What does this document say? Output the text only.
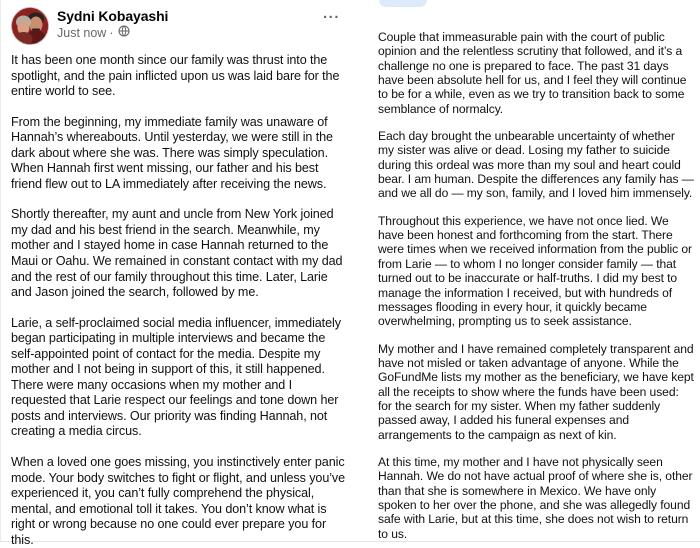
Sydni Kobayashi
Just now ·
...

It has been one month since our family was thrust into the spotlight, and the pain inflicted upon us was laid bare for the entire world to see.

From the beginning, my immediate family was unaware of Hannah’s whereabouts. Until yesterday, we were still in the dark about where she was. There was simply speculation. When Hannah first went missing, our father and his best friend flew out to LA immediately after receiving the news.

Shortly thereafter, my aunt and uncle from New York joined my dad and his best friend in the search. Meanwhile, my mother and I stayed home in case Hannah returned to the Maui or Oahu. We remained in constant contact with my dad and the rest of our family throughout this time. Later, Larie and Jason joined the search, followed by me.

Larie, a self-proclaimed social media influencer, immediately began participating in multiple interviews and became the self-appointed point of contact for the media. Despite my mother and I not being in support of this, it still happened. There were many occasions when my mother and I requested that Larie respect our feelings and tone down her posts and interviews. Our priority was finding Hannah, not creating a media circus.

When a loved one goes missing, you instinctively enter panic mode. Your body switches to fight or flight, and unless you’ve experienced it, you can’t fully comprehend the physical, mental, and emotional toll it takes. You don’t know what is right or wrong because no one could ever prepare you for this.

Couple that immeasurable pain with the court of public opinion and the relentless scrutiny that followed, and it’s a challenge no one is prepared to face. The past 31 days have been absolute hell for us, and I feel they will continue to be for a while, even as we try to transition back to some semblance of normalcy.

Each day brought the unbearable uncertainty of whether my sister was alive or dead. Losing my father to suicide during this ordeal was more than my soul and heart could bear. I am human. Despite the differences any family has — and we all do — my son, family, and I loved him immensely.

Throughout this experience, we have not once lied. We have been honest and forthcoming from the start. There were times when we received information from the public or from Larie — to whom I no longer consider family — that turned out to be inaccurate or half-truths. I did my best to manage the information I received, but with hundreds of messages flooding in every hour, it quickly became overwhelming, prompting us to seek assistance.

My mother and I have remained completely transparent and have not misled or taken advantage of anyone. While the GoFundMe lists my mother as the beneficiary, we have kept all the receipts to show where the funds have been used: for the search for my sister. When my father suddenly passed away, I added his funeral expenses and arrangements to the campaign as next of kin.

At this time, my mother and I have not physically seen Hannah. We do not have actual proof of where she is, other than that she is somewhere in Mexico. We have only spoken to her over the phone, and she was allegedly found safe with Larie, but at this time, she does not wish to return to us.
